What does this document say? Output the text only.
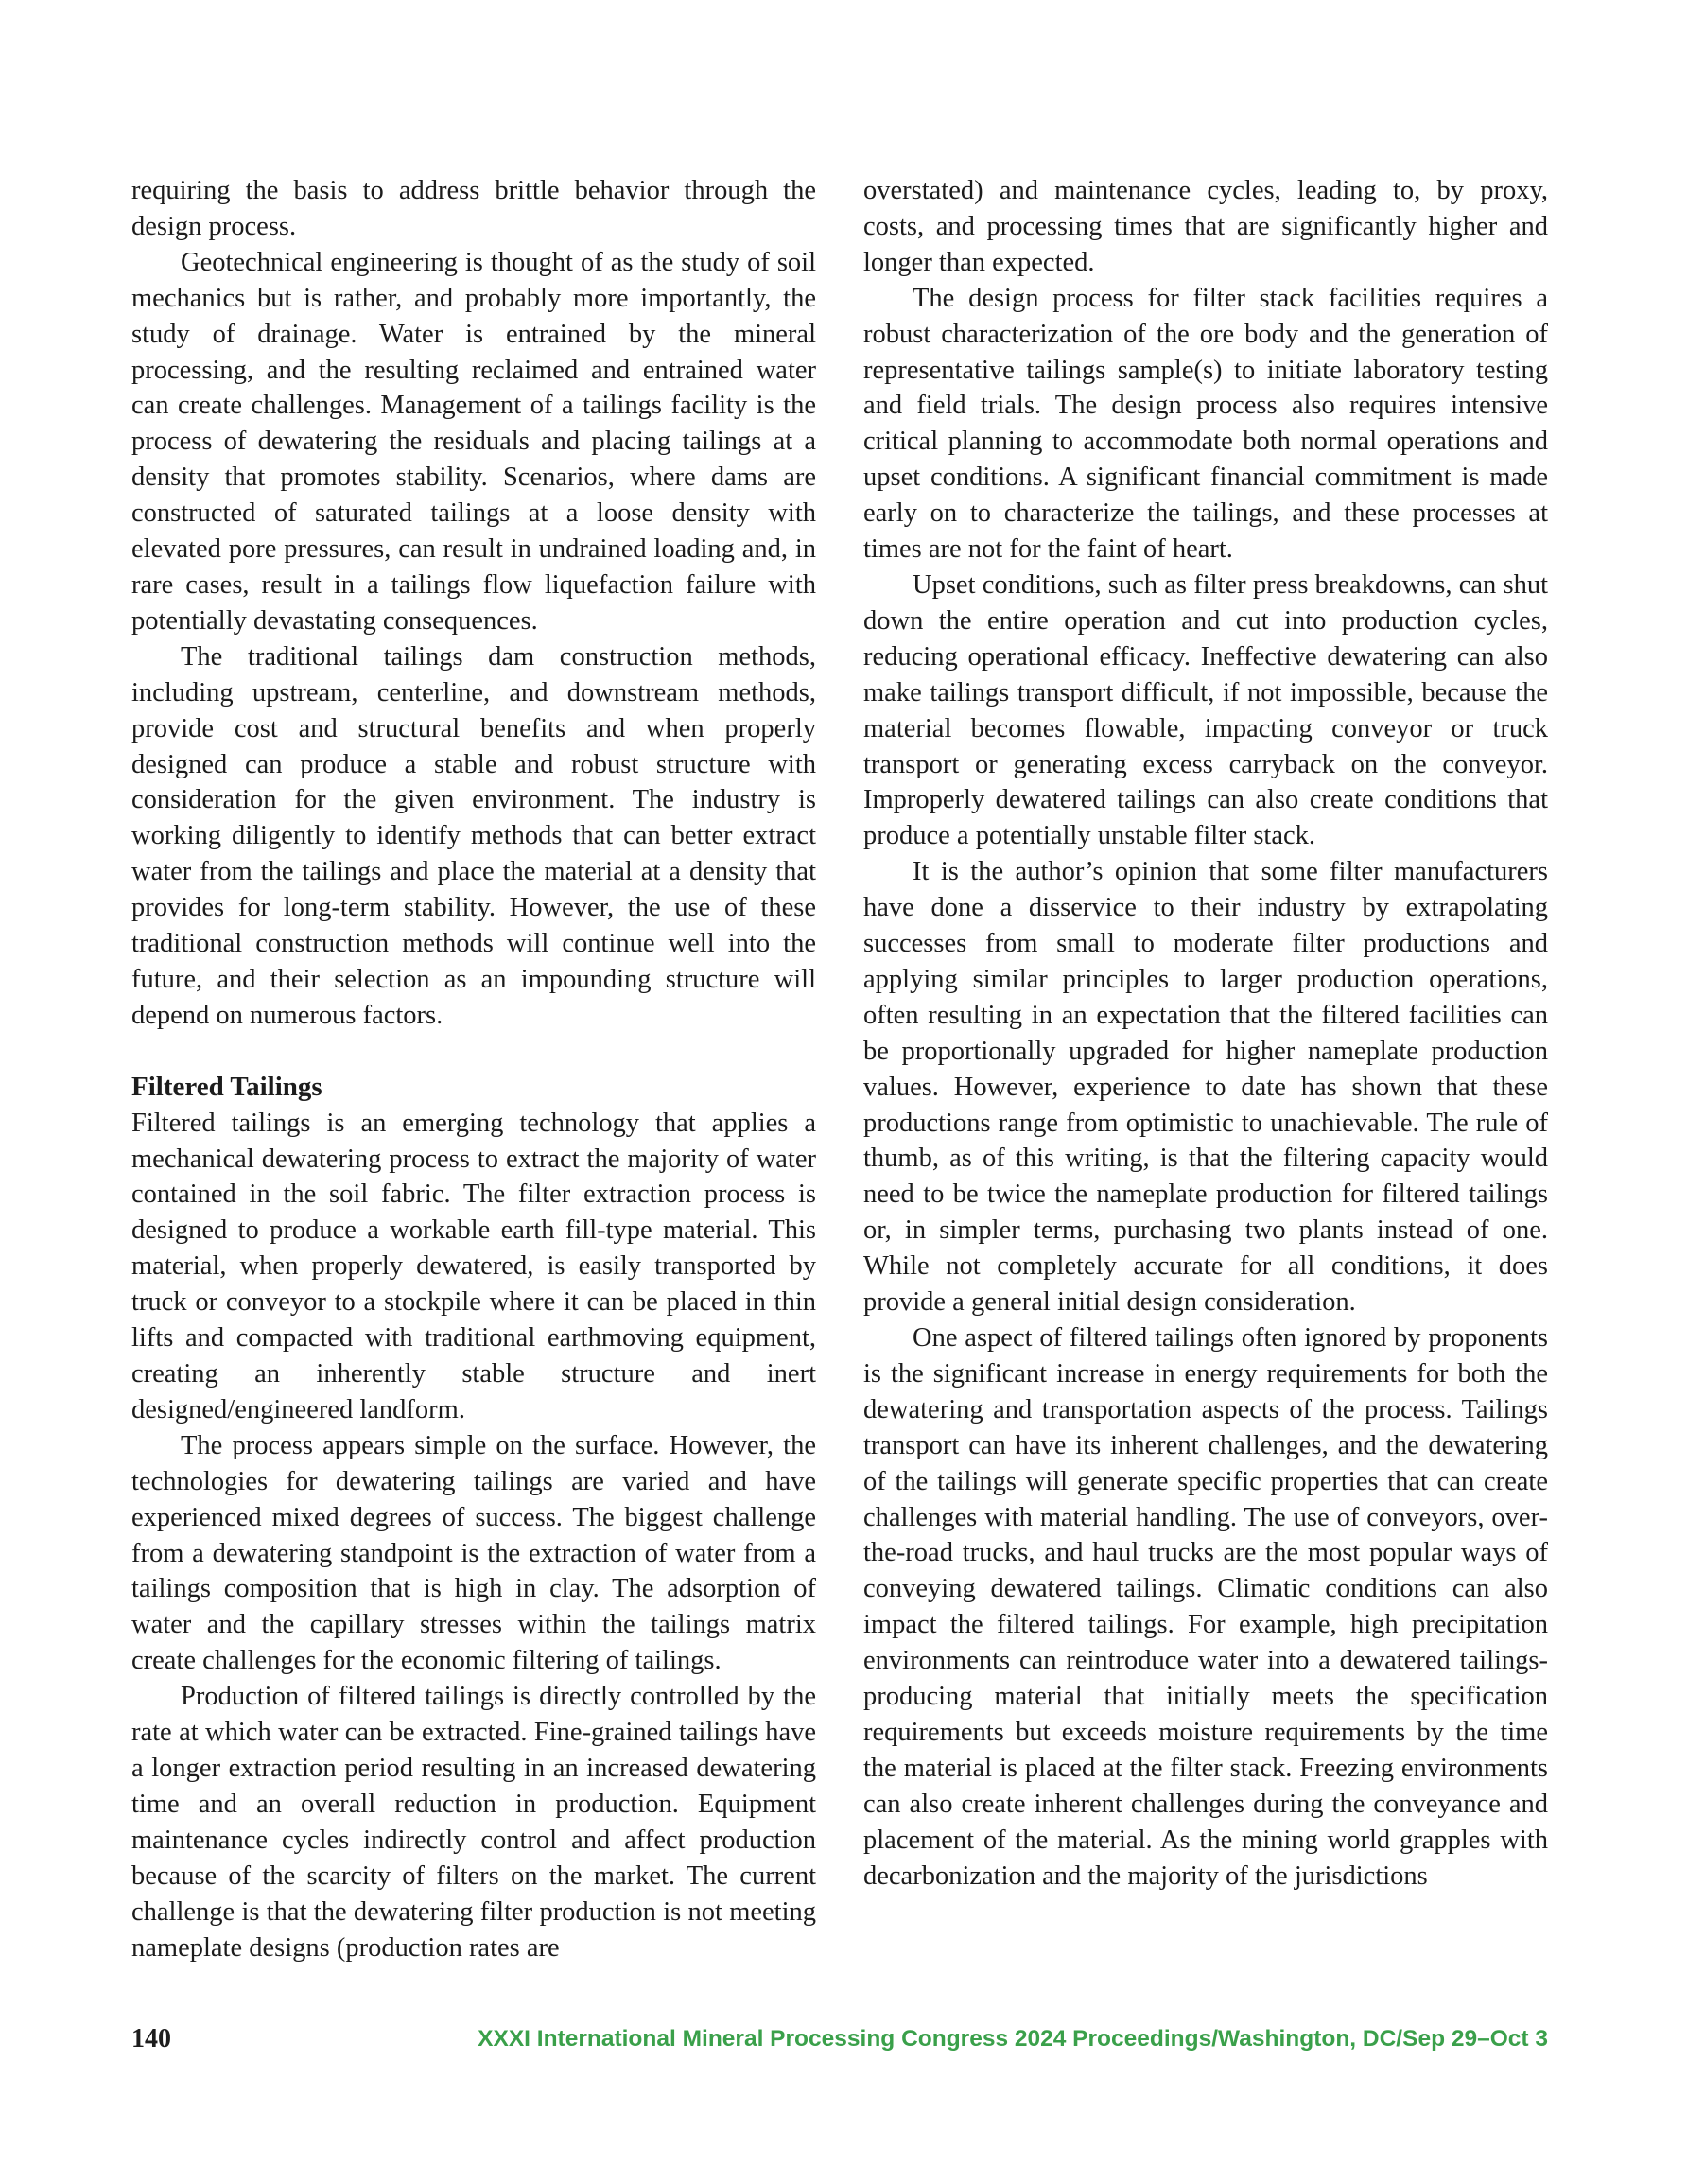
requiring the basis to address brittle behavior through the design process.

Geotechnical engineering is thought of as the study of soil mechanics but is rather, and probably more importantly, the study of drainage. Water is entrained by the mineral processing, and the resulting reclaimed and entrained water can create challenges. Management of a tailings facility is the process of dewatering the residuals and placing tailings at a density that promotes stability. Scenarios, where dams are constructed of saturated tailings at a loose density with elevated pore pressures, can result in undrained loading and, in rare cases, result in a tailings flow liquefaction failure with potentially devastating consequences.

The traditional tailings dam construction methods, including upstream, centerline, and downstream methods, provide cost and structural benefits and when properly designed can produce a stable and robust structure with consideration for the given environment. The industry is working diligently to identify methods that can better extract water from the tailings and place the material at a density that provides for long-term stability. However, the use of these traditional construction methods will continue well into the future, and their selection as an impounding structure will depend on numerous factors.

Filtered Tailings

Filtered tailings is an emerging technology that applies a mechanical dewatering process to extract the majority of water contained in the soil fabric. The filter extraction process is designed to produce a workable earth fill-type material. This material, when properly dewatered, is easily transported by truck or conveyor to a stockpile where it can be placed in thin lifts and compacted with traditional earthmoving equipment, creating an inherently stable structure and inert designed/engineered landform.

The process appears simple on the surface. However, the technologies for dewatering tailings are varied and have experienced mixed degrees of success. The biggest challenge from a dewatering standpoint is the extraction of water from a tailings composition that is high in clay. The adsorption of water and the capillary stresses within the tailings matrix create challenges for the economic filtering of tailings.

Production of filtered tailings is directly controlled by the rate at which water can be extracted. Fine-grained tailings have a longer extraction period resulting in an increased dewatering time and an overall reduction in production. Equipment maintenance cycles indirectly control and affect production because of the scarcity of filters on the market. The current challenge is that the dewatering filter production is not meeting nameplate designs (production rates are

overstated) and maintenance cycles, leading to, by proxy, costs, and processing times that are significantly higher and longer than expected.

The design process for filter stack facilities requires a robust characterization of the ore body and the generation of representative tailings sample(s) to initiate laboratory testing and field trials. The design process also requires intensive critical planning to accommodate both normal operations and upset conditions. A significant financial commitment is made early on to characterize the tailings, and these processes at times are not for the faint of heart.

Upset conditions, such as filter press breakdowns, can shut down the entire operation and cut into production cycles, reducing operational efficacy. Ineffective dewatering can also make tailings transport difficult, if not impossible, because the material becomes flowable, impacting conveyor or truck transport or generating excess carryback on the conveyor. Improperly dewatered tailings can also create conditions that produce a potentially unstable filter stack.

It is the author’s opinion that some filter manufacturers have done a disservice to their industry by extrapolating successes from small to moderate filter productions and applying similar principles to larger production operations, often resulting in an expectation that the filtered facilities can be proportionally upgraded for higher nameplate production values. However, experience to date has shown that these productions range from optimistic to unachievable. The rule of thumb, as of this writing, is that the filtering capacity would need to be twice the nameplate production for filtered tailings or, in simpler terms, purchasing two plants instead of one. While not completely accurate for all conditions, it does provide a general initial design consideration.

One aspect of filtered tailings often ignored by proponents is the significant increase in energy requirements for both the dewatering and transportation aspects of the process. Tailings transport can have its inherent challenges, and the dewatering of the tailings will generate specific properties that can create challenges with material handling. The use of conveyors, over-the-road trucks, and haul trucks are the most popular ways of conveying dewatered tailings. Climatic conditions can also impact the filtered tailings. For example, high precipitation environments can reintroduce water into a dewatered tailings-producing material that initially meets the specification requirements but exceeds moisture requirements by the time the material is placed at the filter stack. Freezing environments can also create inherent challenges during the conveyance and placement of the material. As the mining world grapples with decarbonization and the majority of the jurisdictions

140	XXXI International Mineral Processing Congress 2024 Proceedings/Washington, DC/Sep 29–Oct 3
